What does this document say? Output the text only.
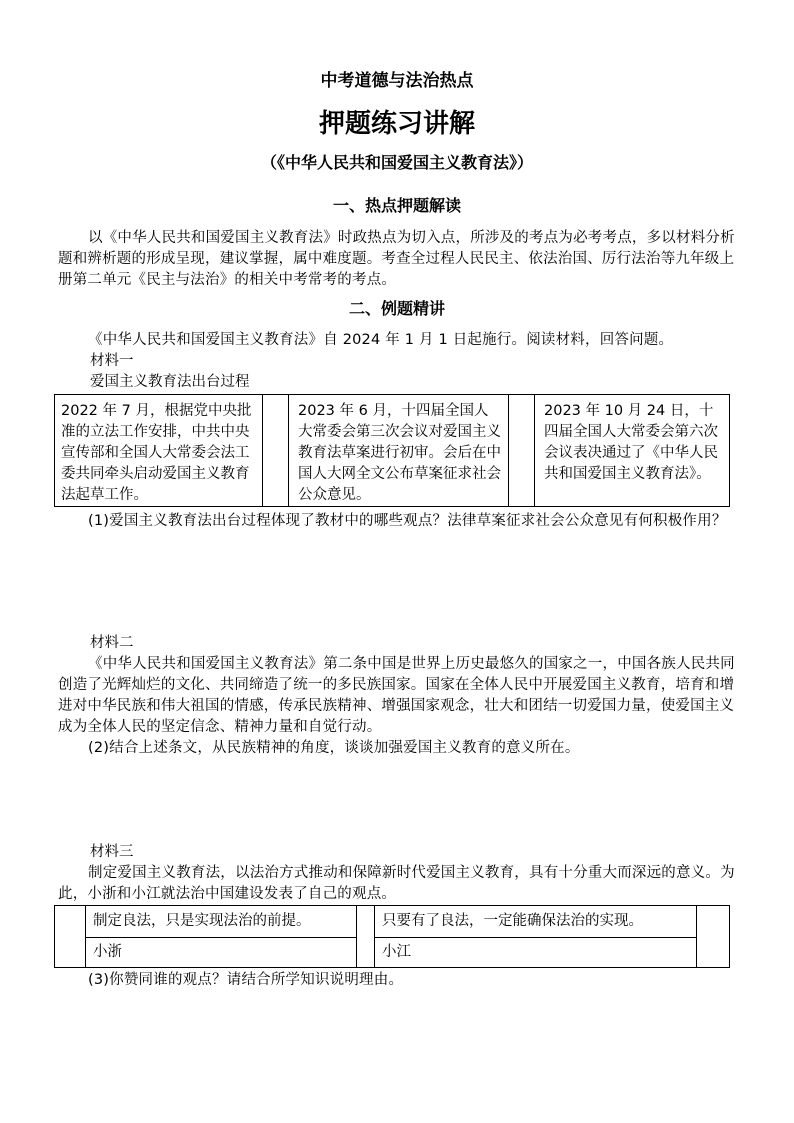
中考道德与法治热点
押题练习讲解
（《中华人民共和国爱国主义教育法》）
一、热点押题解读
以《中华人民共和国爱国主义教育法》时政热点为切入点，所涉及的考点为必考考点，多以材料分析题和辨析题的形成呈现，建议掌握，属中难度题。考查全过程人民民主、依法治国、厉行法治等九年级上册第二单元《民主与法治》的相关中考常考的考点。
二、例题精讲
《中华人民共和国爱国主义教育法》自 2024 年 1 月 1 日起施行。阅读材料，回答问题。
材料一
爱国主义教育法出台过程
2022 年 7 月，根据党中央批准的立法工作安排，中共中央宣传部和全国人大常委会法工委共同牵头启动爱国主义教育法起草工作。
2023 年 6 月，十四届全国人大常委会第三次会议对爱国主义教育法草案进行初审。会后在中国人大网全文公布草案征求社会公众意见。
2023 年 10 月 24 日，十四届全国人大常委会第六次会议表决通过了《中华人民共和国爱国主义教育法》。
(1)爱国主义教育法出台过程体现了教材中的哪些观点？法律草案征求社会公众意见有何积极作用？
材料二
《中华人民共和国爱国主义教育法》第二条中国是世界上历史最悠久的国家之一，中国各族人民共同创造了光辉灿烂的文化、共同缔造了统一的多民族国家。国家在全体人民中开展爱国主义教育，培育和增进对中华民族和伟大祖国的情感，传承民族精神、增强国家观念，壮大和团结一切爱国力量，使爱国主义成为全体人民的坚定信念、精神力量和自觉行动。
(2)结合上述条文，从民族精神的角度，谈谈加强爱国主义教育的意义所在。
材料三
制定爱国主义教育法，以法治方式推动和保障新时代爱国主义教育，具有十分重大而深远的意义。为此，小浙和小江就法治中国建设发表了自己的观点。
制定良法，只是实现法治的前提。
小浙
只要有了良法，一定能确保法治的实现。
小江
(3)你赞同谁的观点？请结合所学知识说明理由。
